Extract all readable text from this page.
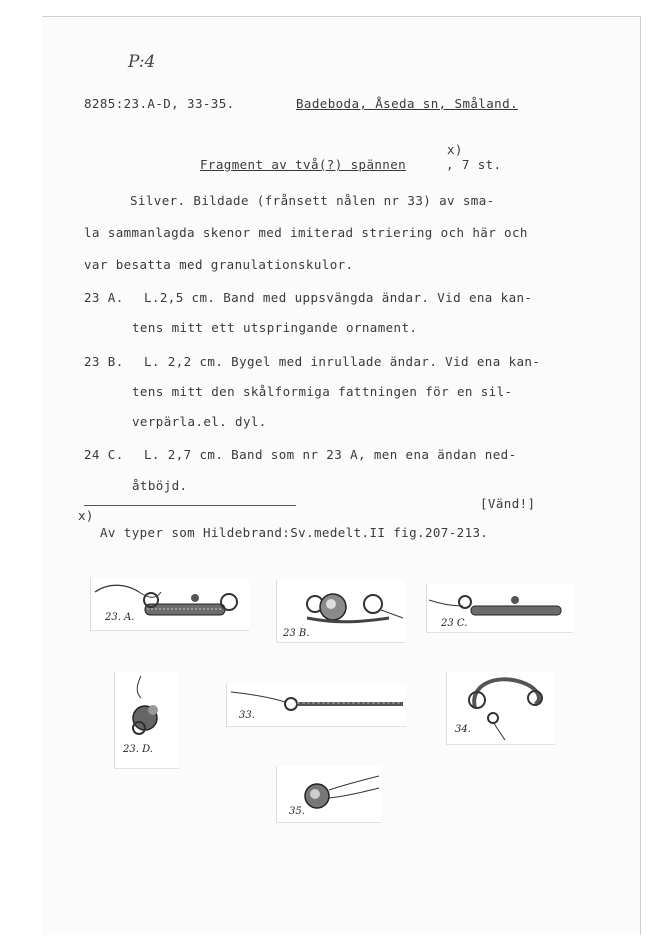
P:4
8285:23.A-D, 33-35.	Badeboda, Åseda sn, Småland.
x)
Fragment av två(?) spännen	, 7 st.
Silver. Bildade (frånsett nålen nr 33) av sma-
la sammanlagda skenor med imiterad striering och här och
var besatta med granulationskulor.
23 A. L.2,5 cm. Band med uppsvängda ändar. Vid ena kan-
tens mitt ett utspringande ornament.
23 B. L. 2,2 cm. Bygel med inrullade ändar. Vid ena kan-
tens mitt den skålformiga fattningen för en sil-
verpärla.el. dyl.
24 C. L. 2,7 cm. Band som nr 23 A, men ena ändan ned-
åtböjd.
[Vänd!]
x)
Av typer som Hildebrand:Sv.medelt.II fig.207-213.
23. A.
23 B.
23 C.
23. D.
33.
34.
35.
